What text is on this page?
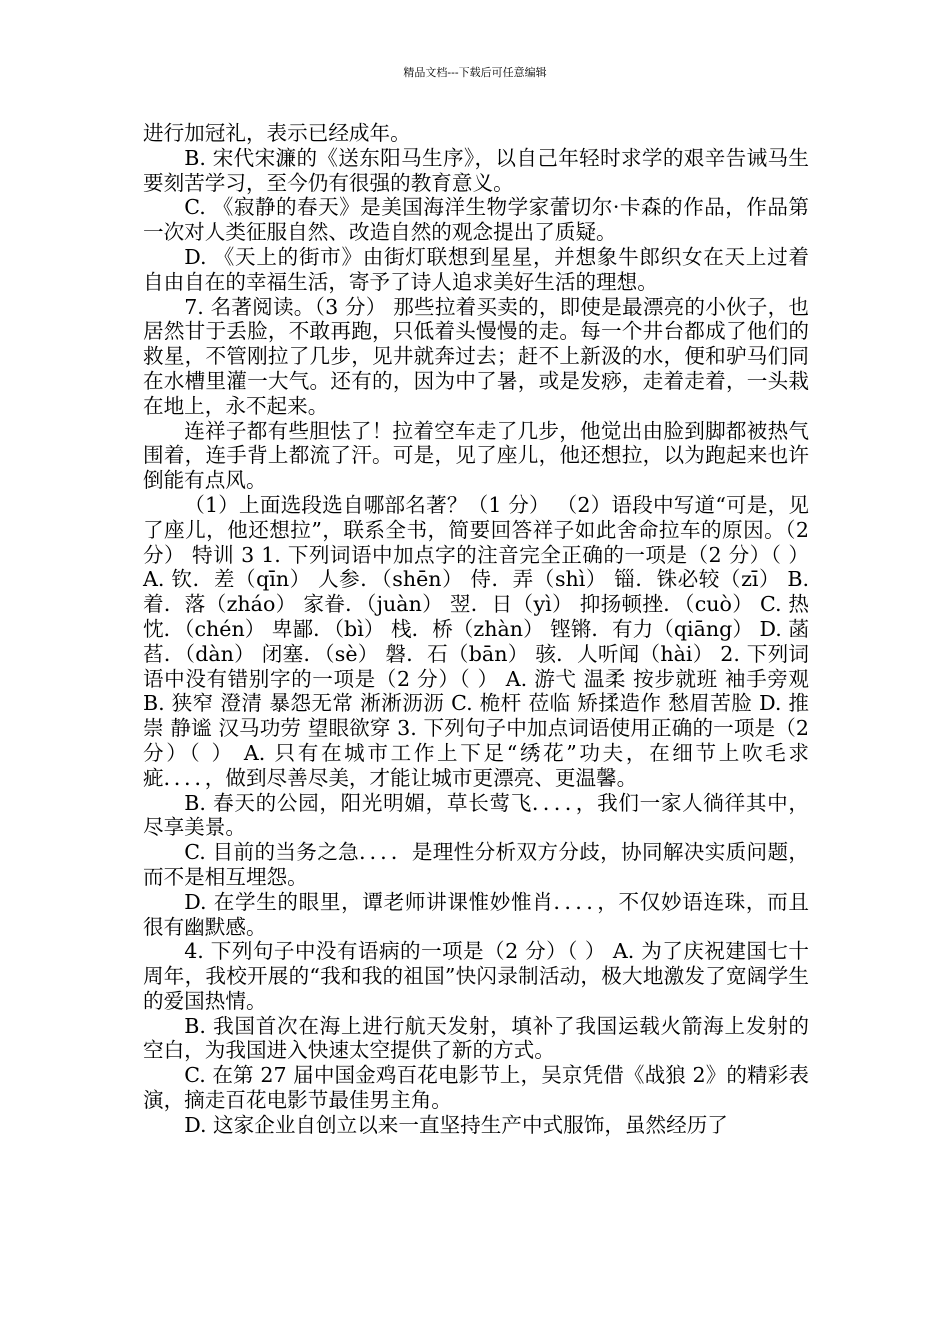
精品文档---下载后可任意编辑

进行加冠礼，表示已经成年。

B. 宋代宋濂的《送东阳马生序》，以自己年轻时求学的艰辛告诫马生要刻苦学习，至今仍有很强的教育意义。

C. 《寂静的春天》是美国海洋生物学家蕾切尔·卡森的作品，作品第一次对人类征服自然、改造自然的观念提出了质疑。

D. 《天上的街市》由街灯联想到星星，并想象牛郎织女在天上过着自由自在的幸福生活，寄予了诗人追求美好生活的理想。

7. 名著阅读。（3 分） 那些拉着买卖的，即使是最漂亮的小伙子，也居然甘于丢脸，不敢再跑，只低着头慢慢的走。每一个井台都成了他们的救星，不管刚拉了几步，见井就奔过去；赶不上新汲的水，便和驴马们同在水槽里灌一大气。还有的，因为中了暑，或是发痧，走着走着，一头栽在地上，永不起来。

连祥子都有些胆怯了！拉着空车走了几步，他觉出由脸到脚都被热气围着，连手背上都流了汗。可是，见了座儿，他还想拉，以为跑起来也许倒能有点风。

（1）上面选段选自哪部名著？（1 分） （2）语段中写道“可是，见了座儿，他还想拉”，联系全书，简要回答祥子如此舍命拉车的原因。（2 分） 特训 3 1. 下列词语中加点字的注音完全正确的一项是（2 分）（ ） A. 钦．差（qīn） 人参．（shēn） 侍．弄（shì） 锱．铢必较（zī） B. 着．落（zháo） 家眷．（juàn） 翌．日（yì） 抑扬顿挫．（cuò） C. 热忱．（chén） 卑鄙．（bì） 栈．桥（zhàn） 铿锵．有力（qiāng） D. 菡萏．（dàn） 闭塞．（sè） 磐．石（bān） 骇．人听闻（hài） 2. 下列词语中没有错别字的一项是（2 分）（ ） A. 游弋 温柔 按步就班 袖手旁观 B. 狭窄 澄清 暴怨无常 淅淅沥沥 C. 桅杆 莅临 矫揉造作 愁眉苦脸 D. 推崇 静谧 汉马功劳 望眼欲穿 3. 下列句子中加点词语使用正确的一项是（2 分）（ ） A. 只有在城市工作上下足“绣花”功夫，在细节上吹毛求疵．．．．，做到尽善尽美，才能让城市更漂亮、更温馨。

B. 春天的公园，阳光明媚，草长莺飞．．．．，我们一家人徜徉其中，尽享美景。

C. 目前的当务之急．．．．是理性分析双方分歧，协同解决实质问题，而不是相互埋怨。

D. 在学生的眼里，谭老师讲课惟妙惟肖．．．．，不仅妙语连珠，而且很有幽默感。

4. 下列句子中没有语病的一项是（2 分）（ ） A. 为了庆祝建国七十周年，我校开展的“我和我的祖国”快闪录制活动，极大地激发了宽阔学生的爱国热情。

B. 我国首次在海上进行航天发射，填补了我国运载火箭海上发射的空白，为我国进入快速太空提供了新的方式。

C. 在第 27 届中国金鸡百花电影节上，吴京凭借《战狼 2》的精彩表演，摘走百花电影节最佳男主角。

D. 这家企业自创立以来一直坚持生产中式服饰，虽然经历了
